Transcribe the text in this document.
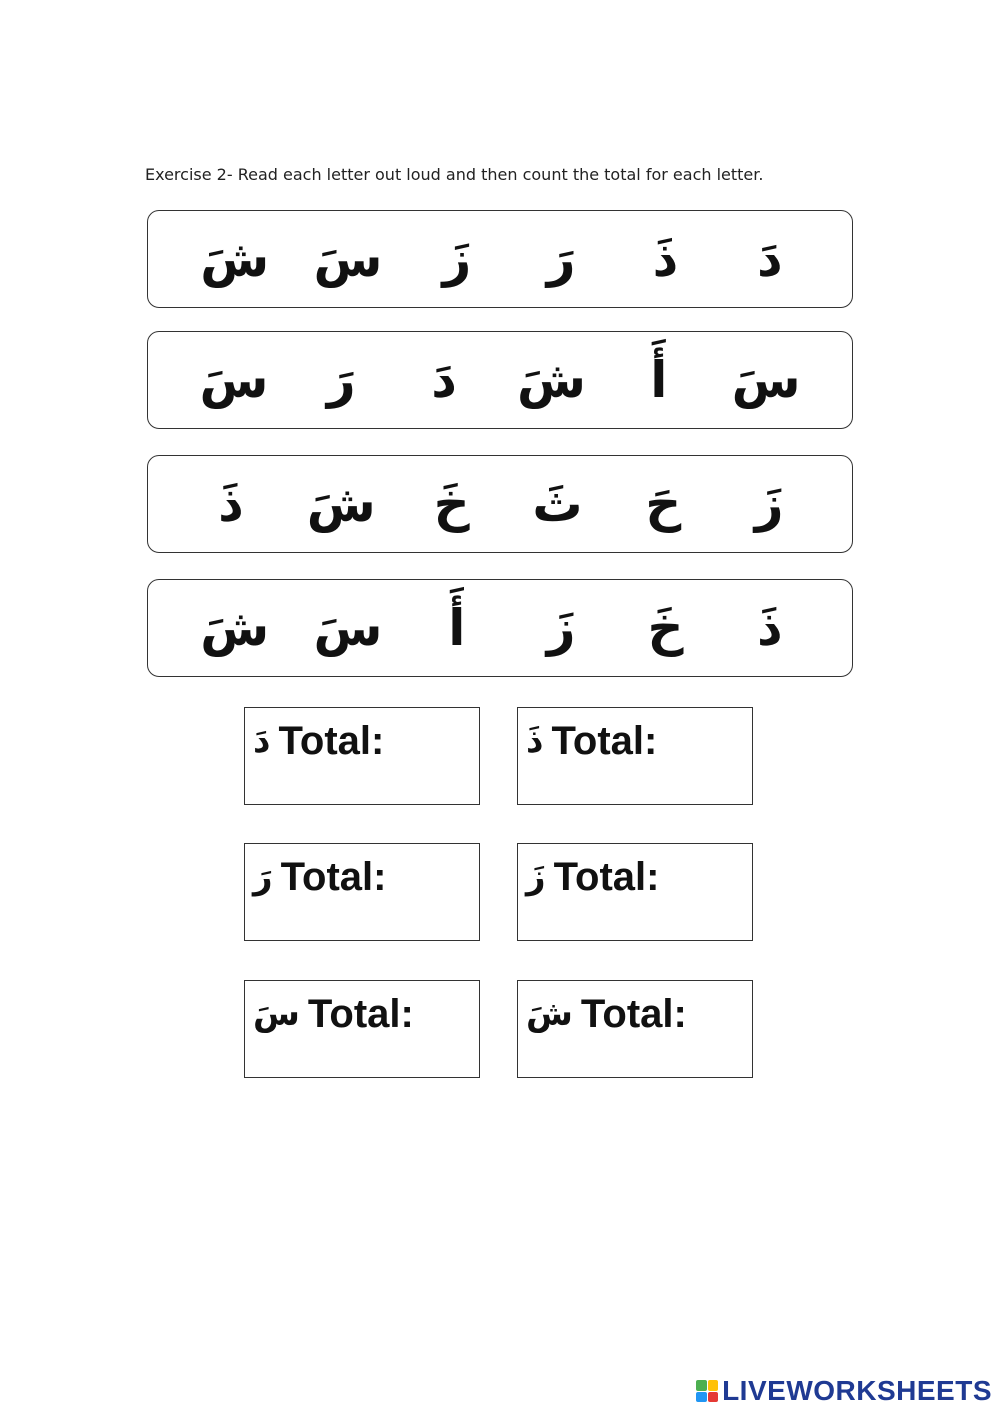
Exercise 2- Read each letter out loud and then count the total for each letter.
دَ
ذَ
رَ
زَ
سَ
شَ
سَ
أَ
شَ
دَ
رَ
سَ
زَ
حَ
ثَ
خَ
شَ
ذَ
ذَ
خَ
زَ
أَ
سَ
شَ
دَ Total:	ذَ Total:
رَ Total:	زَ Total:
سَ Total:	شَ Total:
LIVEWORKSHEETS
